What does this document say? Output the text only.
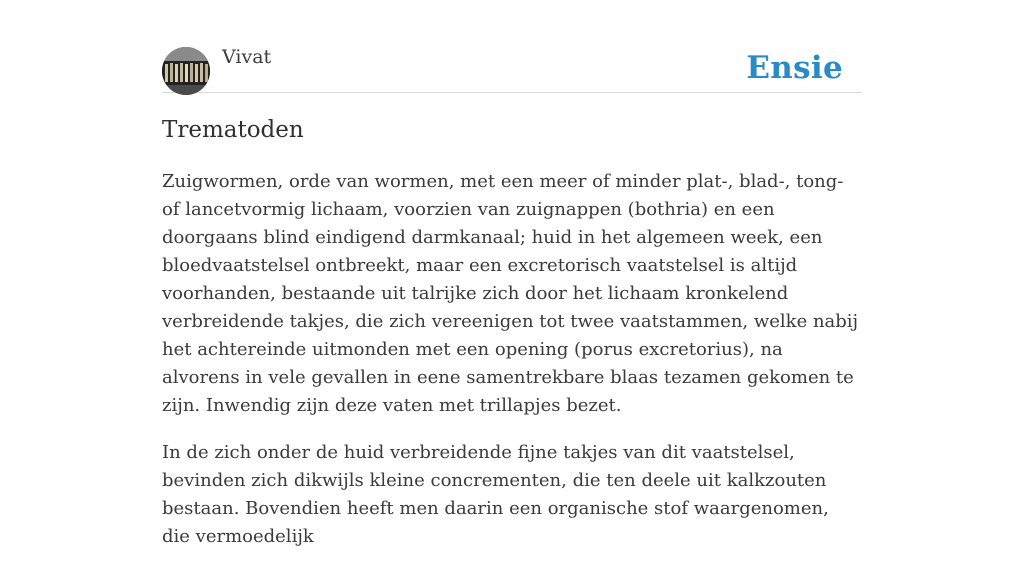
Vivat	Ensie
Trematoden

Zuigwormen, orde van wormen, met een meer of minder plat-, blad-, tong- of lancetvormig lichaam, voorzien van zuignappen (bothria) en een doorgaans blind eindigend darmkanaal; huid in het algemeen week, een bloedvaatstelsel ontbreekt, maar een excretorisch vaatstelsel is altijd voorhanden, bestaande uit talrijke zich door het lichaam kronkelend verbreidende takjes, die zich vereenigen tot twee vaatstammen, welke nabij het achtereinde uitmonden met een opening (porus excretorius), na alvorens in vele gevallen in eene samentrekbare blaas tezamen gekomen te zijn. Inwendig zijn deze vaten met trillapjes bezet.

In de zich onder de huid verbreidende fijne takjes van dit vaatstelsel, bevinden zich dikwijls kleine concrementen, die ten deele uit kalkzouten bestaan. Bovendien heeft men daarin een organische stof waargenomen, die vermoedelijk
